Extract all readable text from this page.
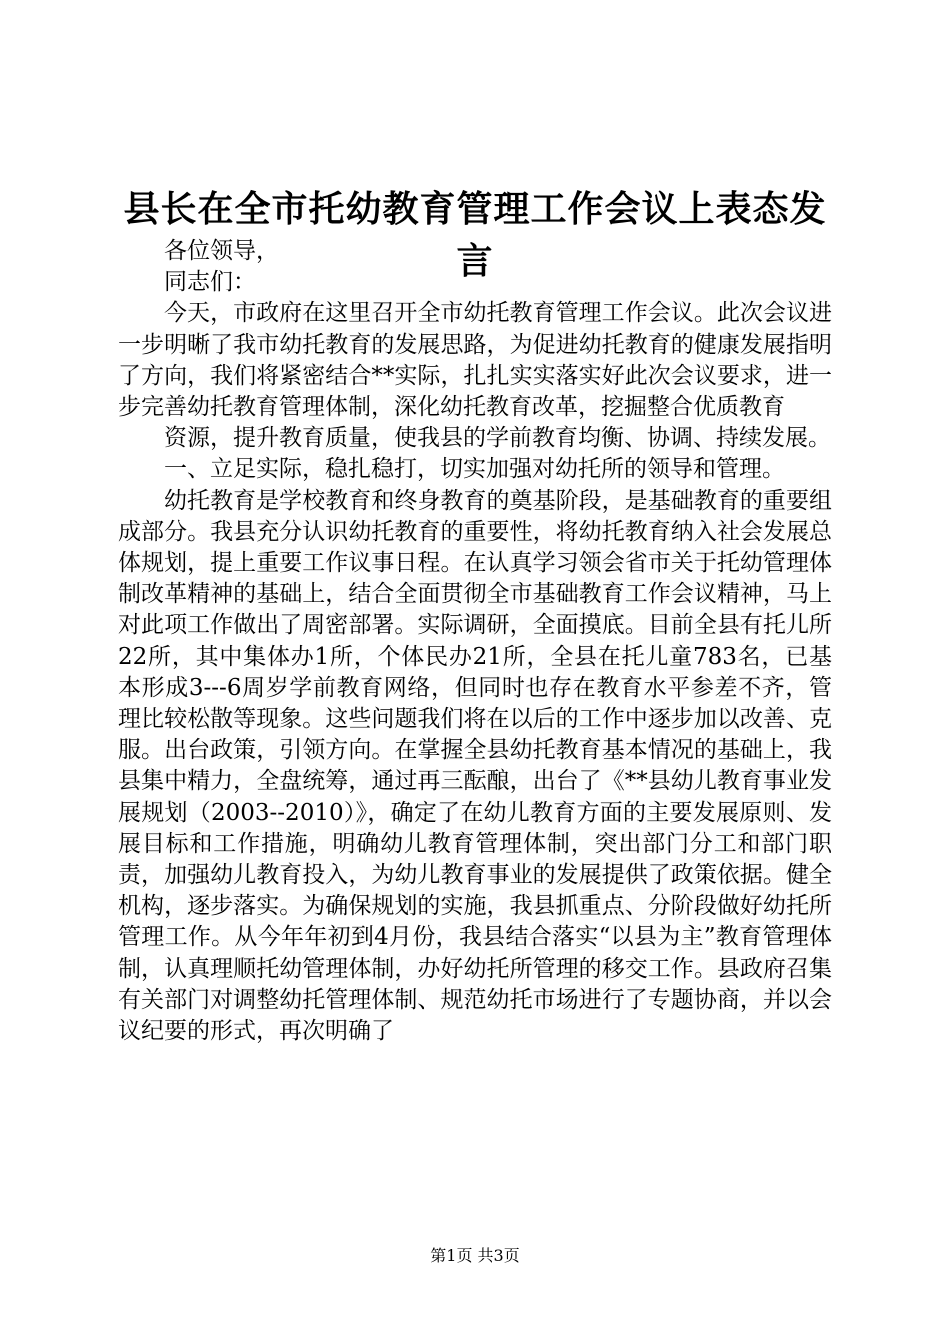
县长在全市托幼教育管理工作会议上表态发言

各位领导，

同志们：

今天，市政府在这里召开全市幼托教育管理工作会议。此次会议进一步明晰了我市幼托教育的发展思路，为促进幼托教育的健康发展指明了方向，我们将紧密结合**实际，扎扎实实落实好此次会议要求，进一步完善幼托教育管理体制，深化幼托教育改革，挖掘整合优质教育

资源，提升教育质量，使我县的学前教育均衡、协调、持续发展。

一、立足实际，稳扎稳打，切实加强对幼托所的领导和管理。

幼托教育是学校教育和终身教育的奠基阶段，是基础教育的重要组成部分。我县充分认识幼托教育的重要性，将幼托教育纳入社会发展总体规划，提上重要工作议事日程。在认真学习领会省市关于托幼管理体制改革精神的基础上，结合全面贯彻全市基础教育工作会议精神，马上对此项工作做出了周密部署。实际调研，全面摸底。目前全县有托儿所22所，其中集体办1所，个体民办21所，全县在托儿童783名，已基本形成3---6周岁学前教育网络，但同时也存在教育水平参差不齐，管理比较松散等现象。这些问题我们将在以后的工作中逐步加以改善、克服。出台政策，引领方向。在掌握全县幼托教育基本情况的基础上，我县集中精力，全盘统筹，通过再三酝酿，出台了《**县幼儿教育事业发展规划（2003--2010）》，确定了在幼儿教育方面的主要发展原则、发展目标和工作措施，明确幼儿教育管理体制，突出部门分工和部门职责，加强幼儿教育投入，为幼儿教育事业的发展提供了政策依据。健全机构，逐步落实。为确保规划的实施，我县抓重点、分阶段做好幼托所管理工作。从今年年初到4月份，我县结合落实“以县为主”教育管理体制，认真理顺托幼管理体制，办好幼托所管理的移交工作。县政府召集有关部门对调整幼托管理体制、规范幼托市场进行了专题协商，并以会议纪要的形式，再次明确了

第1页 共3页
